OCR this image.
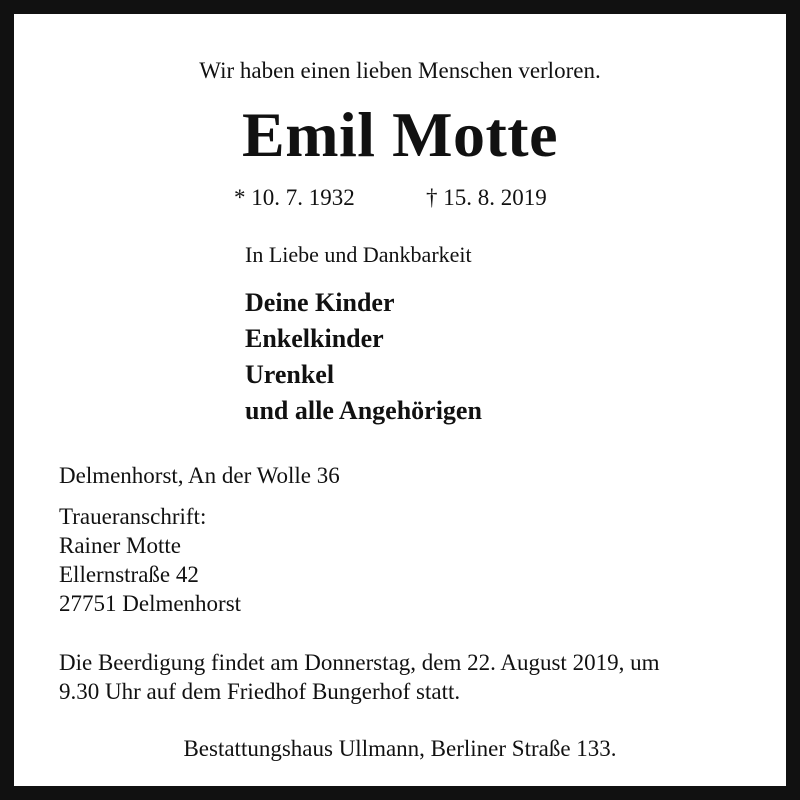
Wir haben einen lieben Menschen verloren.
Emil Motte
* 10. 7. 1932	† 15. 8. 2019
In Liebe und Dankbarkeit
Deine Kinder
Enkelkinder
Urenkel
und alle Angehörigen
Delmenhorst, An der Wolle 36
Traueranschrift:
Rainer Motte
Ellernstraße 42
27751 Delmenhorst
Die Beerdigung findet am Donnerstag, dem 22. August 2019, um
9.30 Uhr auf dem Friedhof Bungerhof statt.
Bestattungshaus Ullmann, Berliner Straße 133.
